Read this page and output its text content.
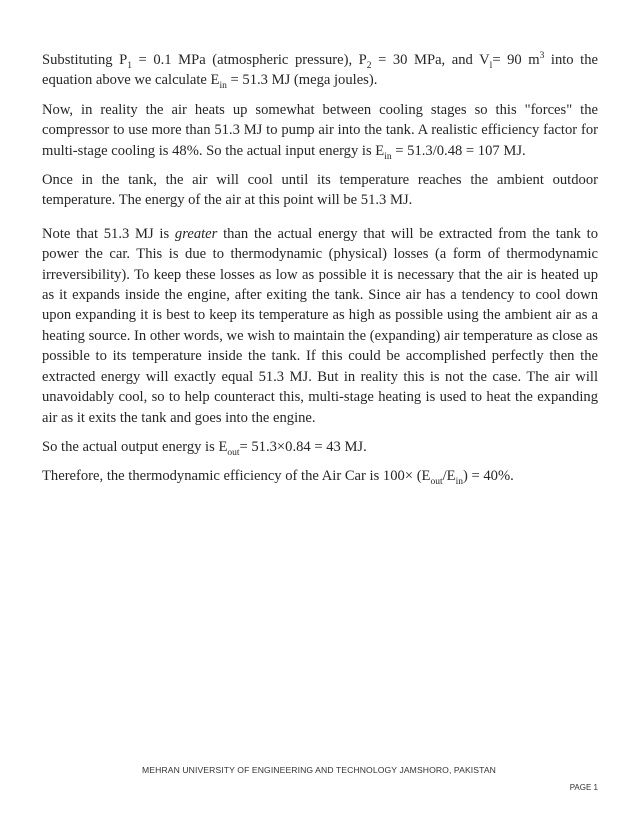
Substituting $P_1 = 0.1$ MPa (atmospheric pressure), $P_2 = 30$ MPa, and $V_l= 90$ $m^3$ into the equation above we calculate $E_{in} = 51.3$ MJ (mega joules).

Now, in reality the air heats up somewhat between cooling stages so this "forces" the compressor to use more than 51.3 MJ to pump air into the tank. A realistic efficiency factor for multi-stage cooling is 48%. So the actual input energy is $E_{in} = 51.3/0.48 = 107$ MJ.

Once in the tank, the air will cool until its temperature reaches the ambient outdoor temperature. The energy of the air at this point will be 51.3 MJ.

Note that 51.3 MJ is greater than the actual energy that will be extracted from the tank to power the car. This is due to thermodynamic (physical) losses (a form of thermodynamic irreversibility). To keep these losses as low as possible it is necessary that the air is heated up as it expands inside the engine, after exiting the tank. Since air has a tendency to cool down upon expanding it is best to keep its temperature as high as possible using the ambient air as a heating source. In other words, we wish to maintain the (expanding) air temperature as close as possible to its temperature inside the tank. If this could be accomplished perfectly then the extracted energy will exactly equal 51.3 MJ. But in reality this is not the case. The air will unavoidably cool, so to help counteract this, multi-stage heating is used to heat the expanding air as it exits the tank and goes into the engine.

So the actual output energy is $E_{out}= 51.3\times 0.84 = 43$ MJ.

Therefore, the thermodynamic efficiency of the Air Car is $100\times (E_{out}/E_{in}) = 40\%$.

MEHRAN UNIVERSITY OF ENGINEERING AND TECHNOLOGY JAMSHORO, PAKISTAN
PAGE 1
